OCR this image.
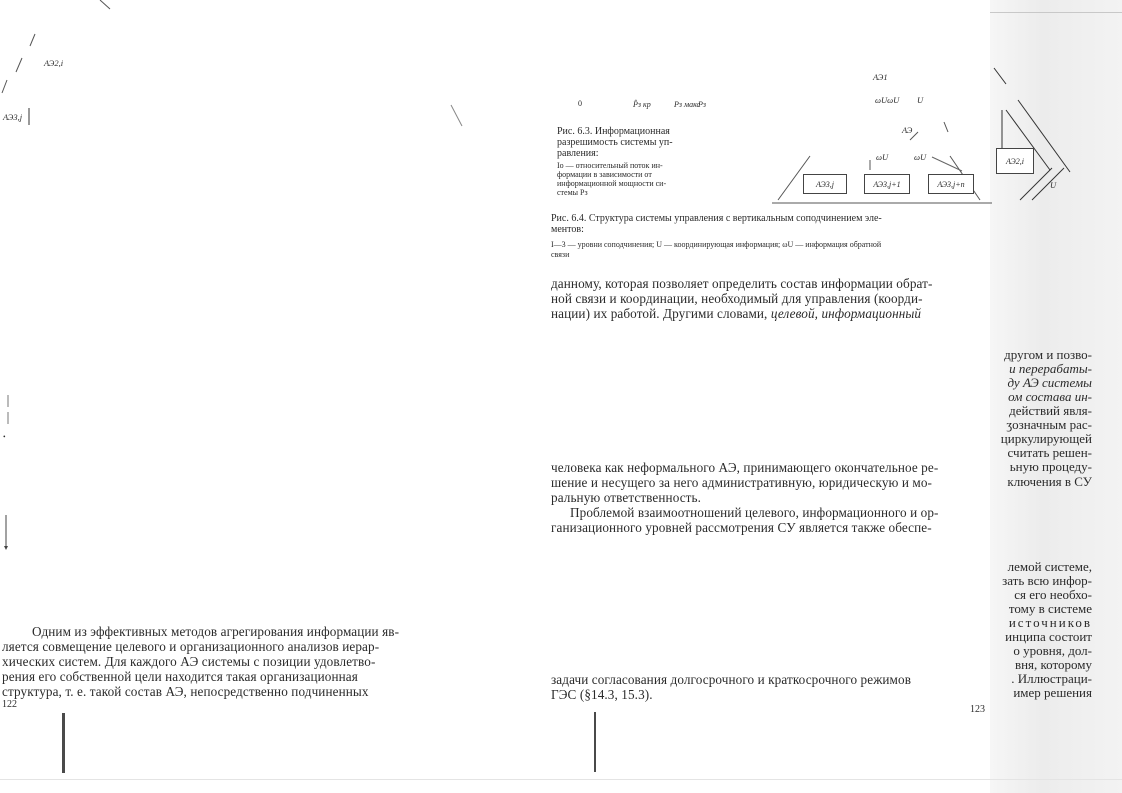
АЭ2,i
АЭ3,j
•
Одним из эффективных методов агрегирования информации яв-
ляется совмещение целевого и организационного анализов иерар-
хических систем. Для каждого АЭ системы с позиции удовлетво-
рения его собственной цели находится такая организационная
структура, т. е. такой состав АЭ, непосредственно подчиненных
122
0	P̂з кр	Pз макс
Pз
Рис. 6.3. Информационная
разрешимость системы уп-
равления:
Iо — относительный поток ин-
формации в зависимости от
информационной мощности си-
стемы Pз
АЭ1
ωUωU U
АЭ
ωU	ωU
АЭ3,j	АЭ3,j+1	АЭ3,j+n
АЭ2,i
U
Рис. 6.4. Структура системы управления с вертикальным соподчинением эле-
ментов:
I—3 — уровни соподчинения; U — координирующая информация; ωU — информация обратной
связи
данному, которая позволяет определить состав информации обрат-
ной связи и координации, необходимый для управления (коорди-
нации) их работой. Другими словами, целевой, информационный
другом и позво-
и перерабаты-
ду АЭ системы
ом состава ин-
действий явля-
ʒозначным рас-
циркулирующей
считать решен-
человека как неформального АЭ, принимающего окончательное ре-	ьную процеду-
шение и несущего за него административную, юридическую и мо-	ключения в СУ
ральную ответственность.
Проблемой взаимоотношений целевого, информационного и ор-
ганизационного уровней рассмотрения СУ является также обеспе-
лемой системе,
зать всю инфор-
ся его необхо-
тому в системе
источников
инципа состоит
о уровня, дол-
вня, которому
имер решения
задачи согласования долгосрочного и краткосрочного режимов	. Иллюстраци-
ГЭС (§14.3, 15.3).
123
